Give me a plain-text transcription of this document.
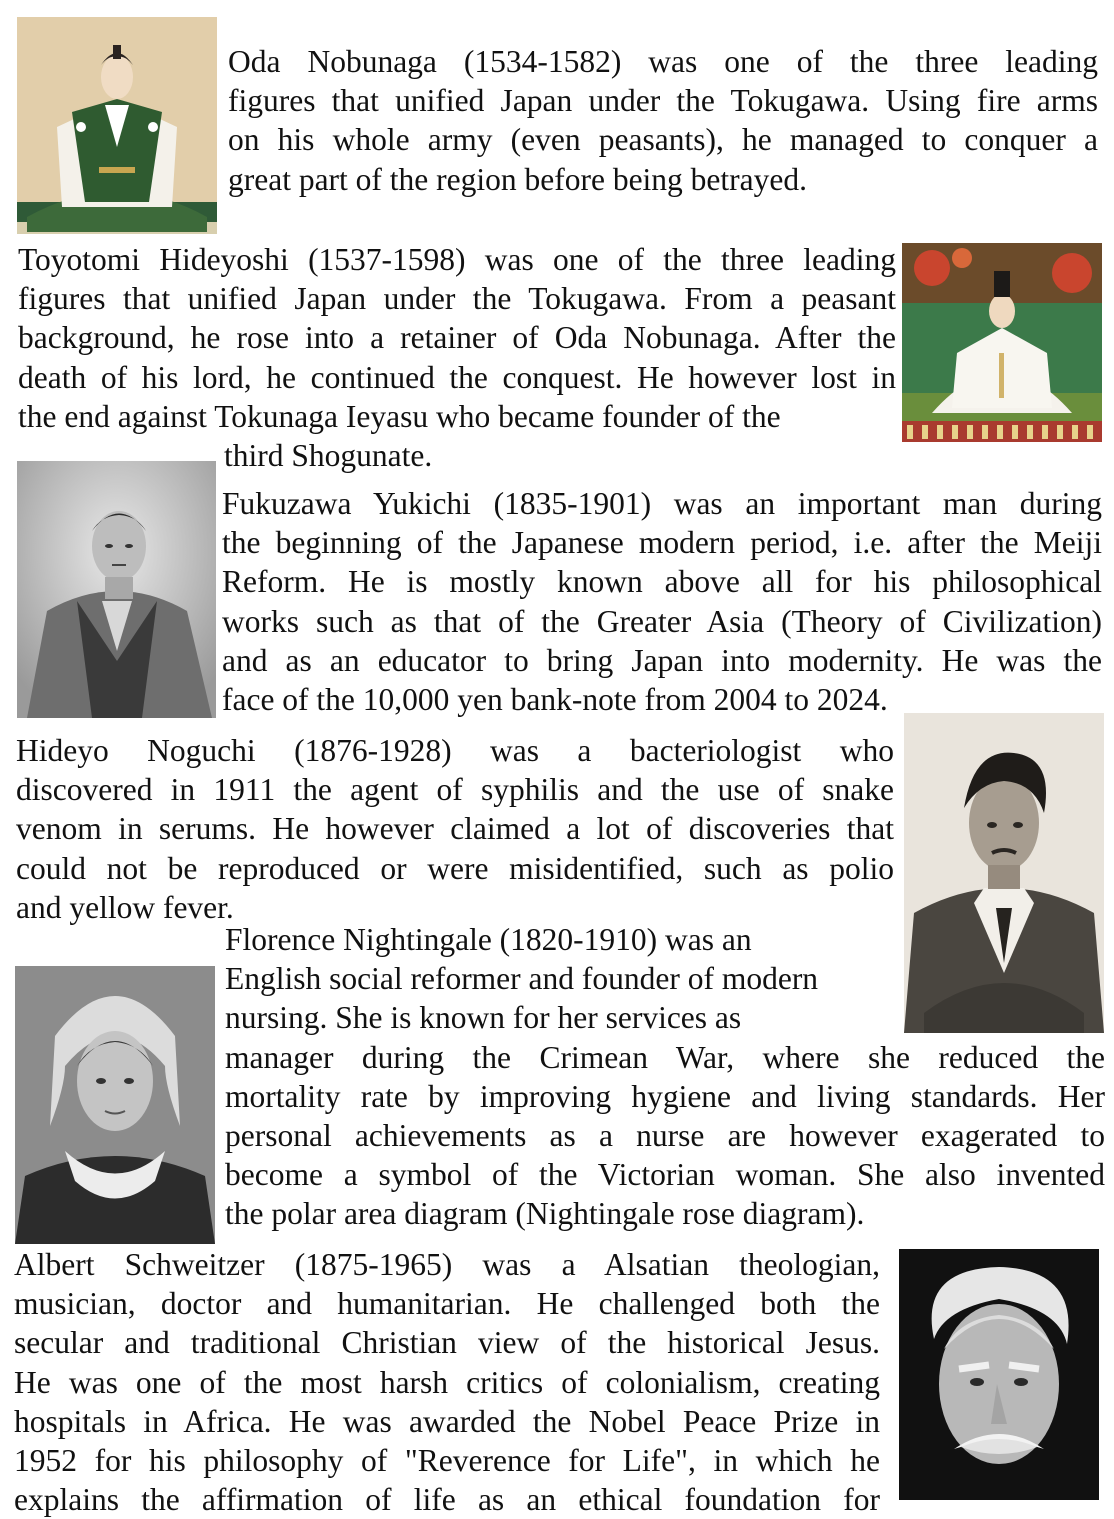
Oda Nobunaga (1534-1582) was one of the three leading
figures that unified Japan under the Tokugawa. Using fire arms
on his whole army (even peasants), he managed to conquer a
great part of the region before being betrayed.
Toyotomi Hideyoshi (1537-1598) was one of the three leading
figures that unified Japan under the Tokugawa. From a peasant
background, he rose into a retainer of Oda Nobunaga. After the
death of his lord, he continued the conquest. He however lost in
the end against Tokunaga Ieyasu who became founder of the
third Shogunate.
Fukuzawa Yukichi (1835-1901) was an important man during
the beginning of the Japanese modern period, i.e. after the Meiji
Reform. He is mostly known above all for his philosophical
works such as that of the Greater Asia (Theory of Civilization)
and as an educator to bring Japan into modernity. He was the
face of the 10,000 yen bank-note from 2004 to 2024.
Hideyo Noguchi (1876-1928) was a bacteriologist who
discovered in 1911 the agent of syphilis and the use of snake
venom in serums. He however claimed a lot of discoveries that
could not be reproduced or were misidentified, such as polio
and yellow fever.
Florence Nightingale (1820-1910) was an
English social reformer and founder of modern
nursing. She is known for her services as
manager during the Crimean War, where she reduced the
mortality rate by improving hygiene and living standards. Her
personal achievements as a nurse are however exagerated to
become a symbol of the Victorian woman. She also invented
the polar area diagram (Nightingale rose diagram).
Albert Schweitzer (1875-1965) was a Alsatian theologian,
musician, doctor and humanitarian. He challenged both the
secular and traditional Christian view of the historical Jesus.
He was one of the most harsh critics of colonialism, creating
hospitals in Africa. He was awarded the Nobel Peace Prize in
1952 for his philosophy of "Reverence for Life", in which he
explains the affirmation of life as an ethical foundation for
